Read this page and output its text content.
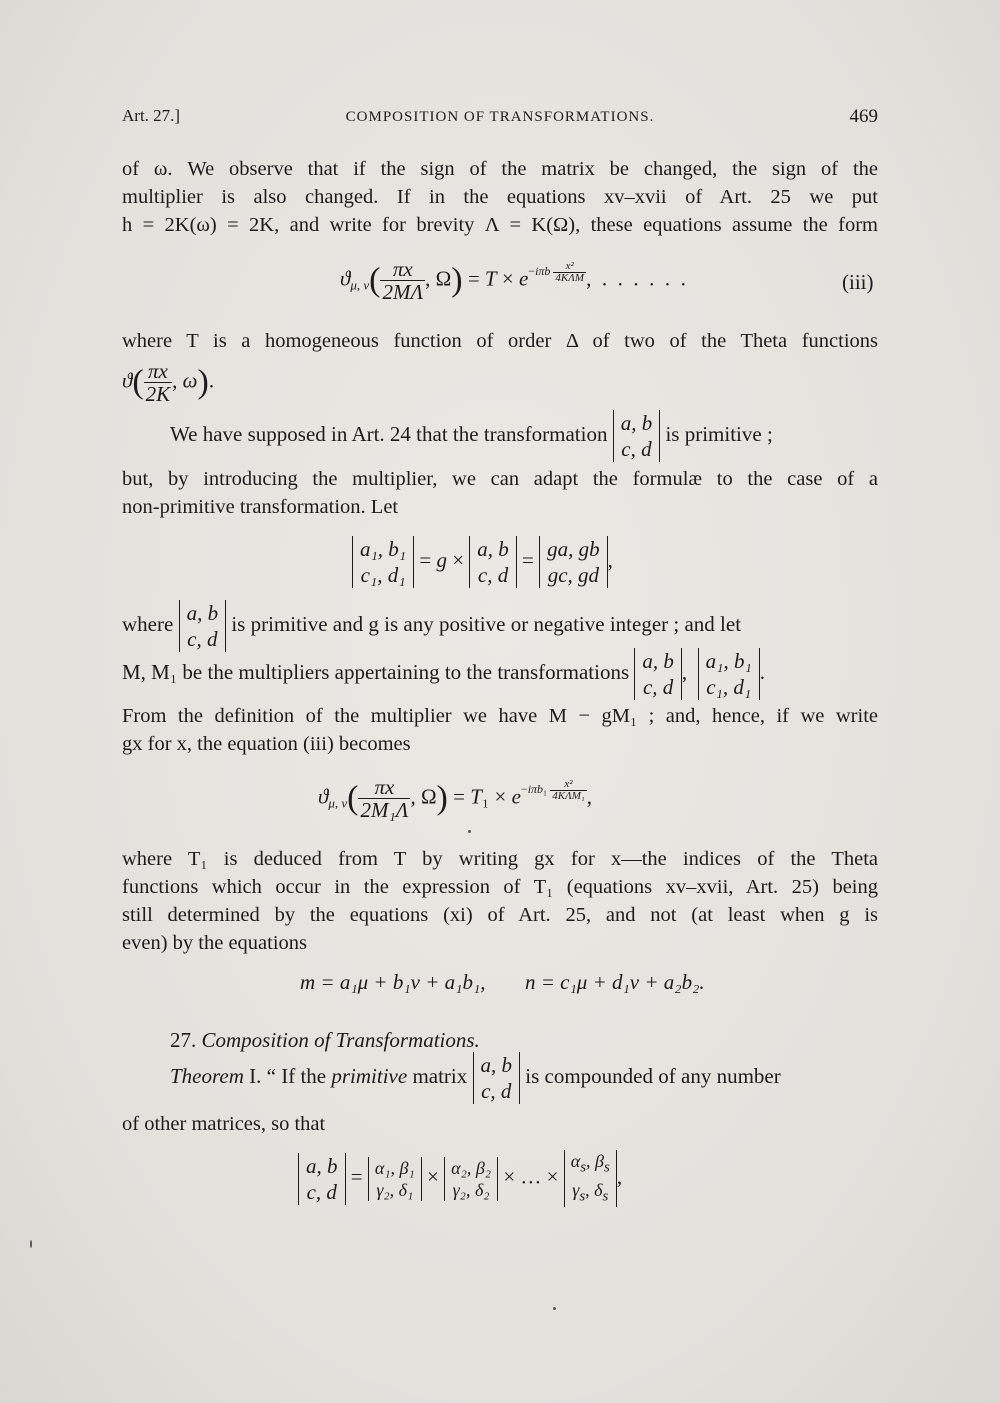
Art. 27.]	COMPOSITION OF TRANSFORMATIONS.	469
of ω. We observe that if the sign of the matrix be changed, the sign of the
multiplier is also changed. If in the equations xv–xvii of Art. 25 we put
h = 2K(ω) = 2K, and write for brevity Λ = K(Ω), these equations assume the form
$ϑ_{\mu, \nu}( \frac{\pi x}{2M\Lambda}$ , $\Omega) = T \times e^{-i\pi b \frac{\text{x²}}{\text{4KΛM}}}$ ,  .  .  .  .  .  .	(iii)
where T is a homogeneous function of order Δ of two of the Theta functions
$ϑ( \frac{\pi x}{2K}$ , ω).
We have supposed in Art. 24 that the transformation a, b
c, d
is primitive ;
but, by introducing the multiplier, we can adapt the formulæ to the case of a
non-primitive transformation. Let
a₁, b₁
c₁, d₁
= g × a, b
c, d
= ga, gb
gc, gd
,
where a, b
c, d
is primitive and g is any positive or negative integer ; and let
M, M₁ be the multipliers appertaining to the transformations a, b
c, d
, a₁, b₁
c₁, d₁
.
From the definition of the multiplier we have M − gM₁ ; and, hence, if we write
gx for x, the equation (iii) becomes
$ϑ_{\mu, \nu}( \frac{\pi x}{\text{2M₁Λ}}$ , $\Omega) = T_1 \times e^{-i\pi b_1 \frac{\text{x²}}{\text{4KΛM₁}}}$ ,
where T₁ is deduced from T by writing gx for x—the indices of the Theta
functions which occur in the expression of T₁ (equations xv–xvii, Art. 25) being
still determined by the equations (xi) of Art. 25, and not (at least when g is
even) by the equations
m = a₁μ + b₁ν + a₁b₁, n = c₁μ + d₁ν + a₂b₂.
27. Composition of Transformations.
Theorem I. “ If the primitive matrix a, b
c, d
is compounded of any number
of other matrices, so that
a, b
c, d
= α₁, β₁
γ₂, δ₁
× α₂, β₂
γ₂, δ₂
× … ×
$\alpha_s$, $\beta_s$
$\gamma_s$, $\delta_s$
,
